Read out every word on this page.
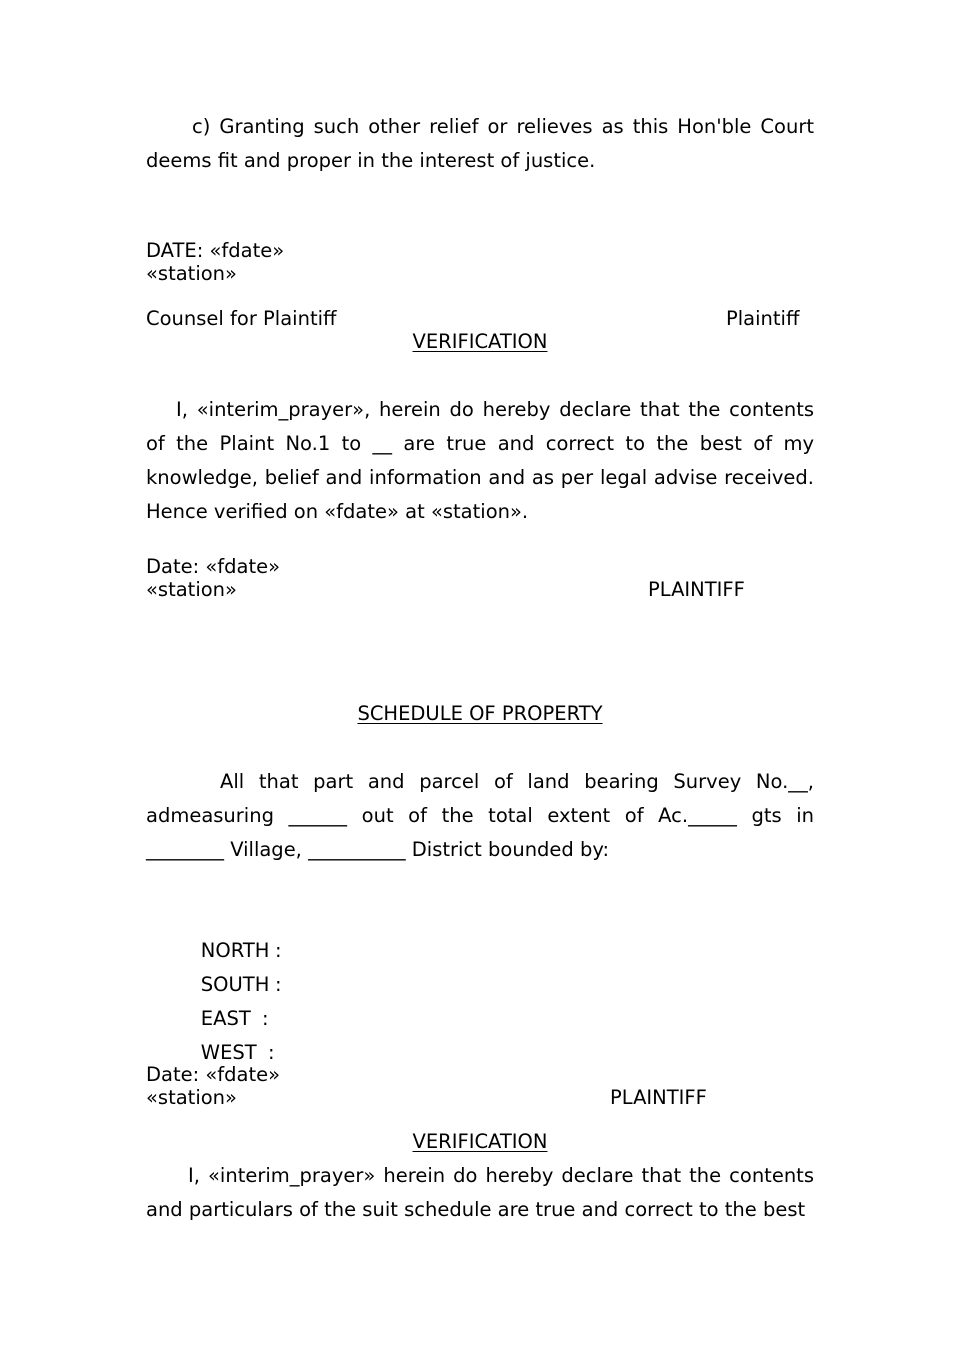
c) Granting such other relief or relieves as this Hon'ble Court deems fit and proper in the interest of justice.

DATE: «fdate»
«station»
Counsel for Plaintiff	Plaintiff
VERIFICATION

I, «interim_prayer», herein do hereby declare that the contents of the Plaint No.1 to __ are true and correct to the best of my knowledge, belief and information and as per legal advise received. Hence verified on «fdate» at «station».

Date: «fdate»
«station»	PLAINTIFF
SCHEDULE OF PROPERTY

All that part and parcel of land bearing Survey No.__, admeasuring ______ out of the total extent of Ac._____ gts in ________ Village, __________ District bounded by:

NORTH :

SOUTH :

EAST :

WEST :

Date: «fdate»
«station»	PLAINTIFF
VERIFICATION

I, «interim_prayer» herein do hereby declare that the contents and particulars of the suit schedule are true and correct to the best
